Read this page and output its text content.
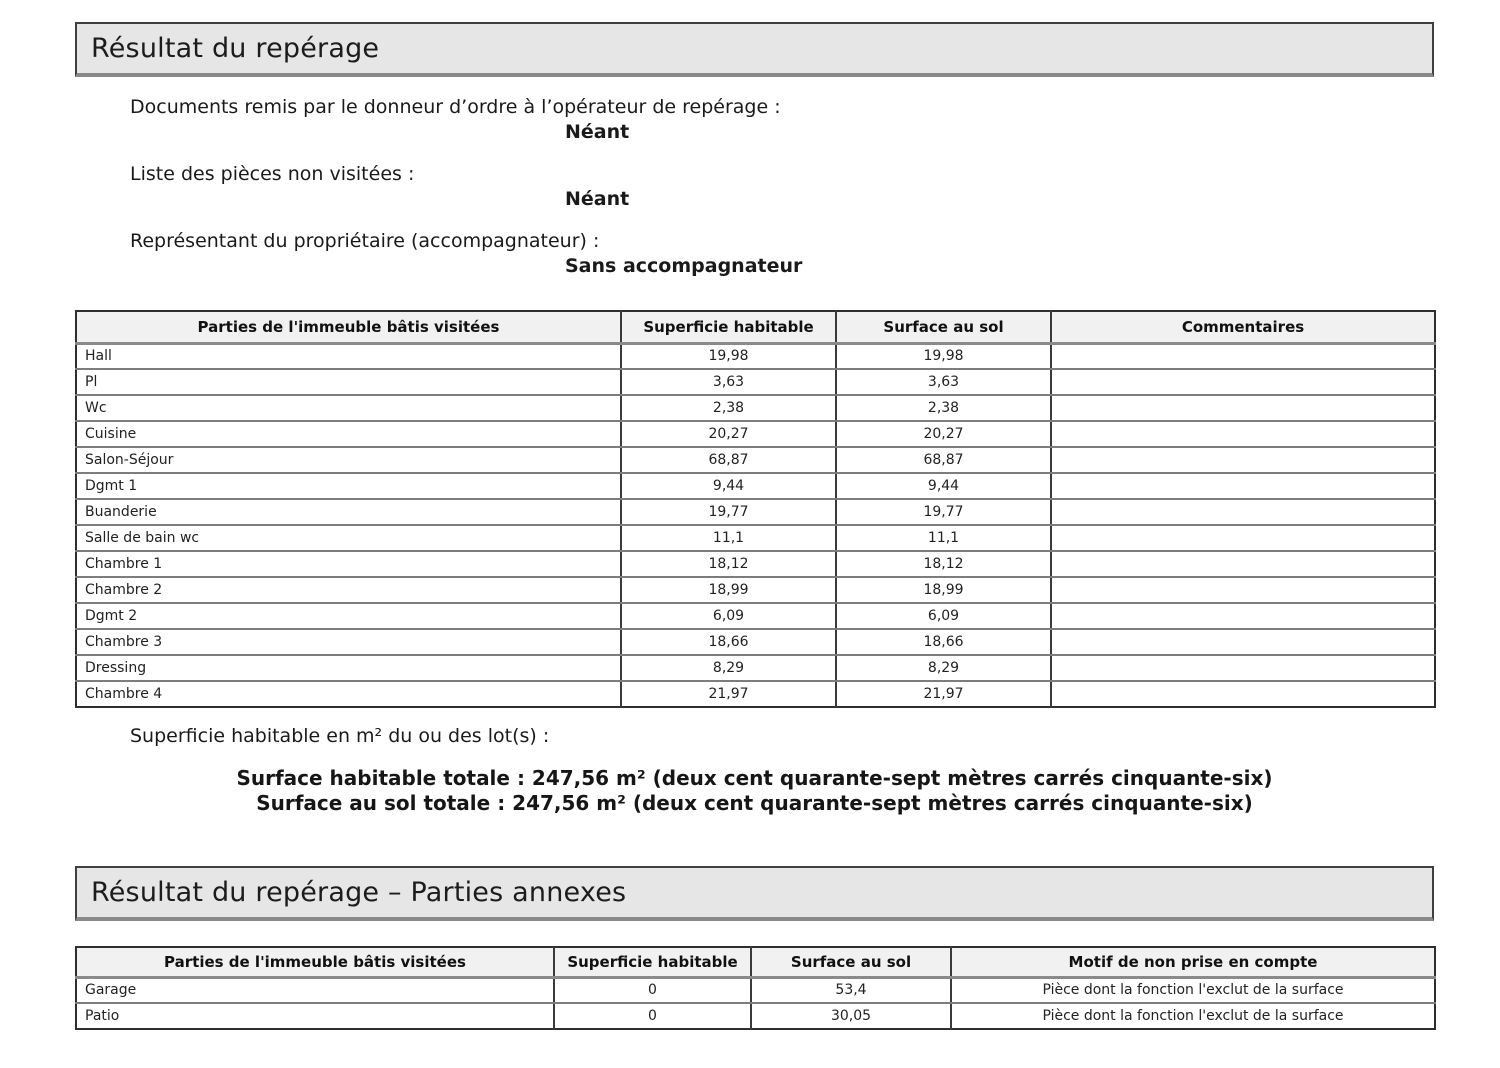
Résultat du repérage
Documents remis par le donneur d’ordre à l’opérateur de repérage :
Néant
Liste des pièces non visitées :
Néant
Représentant du propriétaire (accompagnateur) :
Sans accompagnateur
Parties de l'immeuble bâtis visitées	Superficie habitable	Surface au sol	Commentaires
Hall	19,98	19,98	
Pl	3,63	3,63	
Wc	2,38	2,38	
Cuisine	20,27	20,27	
Salon-Séjour	68,87	68,87	
Dgmt 1	9,44	9,44	
Buanderie	19,77	19,77	
Salle de bain wc	11,1	11,1	
Chambre 1	18,12	18,12	
Chambre 2	18,99	18,99	
Dgmt 2	6,09	6,09	
Chambre 3	18,66	18,66	
Dressing	8,29	8,29	
Chambre 4	21,97	21,97	
Superficie habitable en m² du ou des lot(s) :
Surface habitable totale : 247,56 m² (deux cent quarante-sept mètres carrés cinquante-six)
Surface au sol totale : 247,56 m² (deux cent quarante-sept mètres carrés cinquante-six)
Résultat du repérage – Parties annexes
Parties de l'immeuble bâtis visitées	Superficie habitable	Surface au sol	Motif de non prise en compte
Garage	0	53,4	Pièce dont la fonction l'exclut de la surface
Patio	0	30,05	Pièce dont la fonction l'exclut de la surface
